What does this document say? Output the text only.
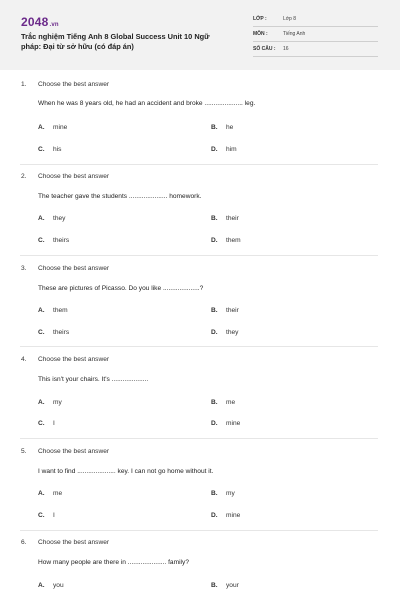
2048.vn
Trắc nghiệm Tiếng Anh 8 Global Success Unit 10 Ngữ pháp: Đại từ sở hữu (có đáp án)
LỚP :	Lớp 8
MÔN :	Tiếng Anh
SỐ CÂU : 16
1. Choose the best answer
When he was 8 years old, he had an accident and broke ..................... leg.
A. mine	B. he
C. his	D. him
2. Choose the best answer
The teacher gave the students ..................... homework.
A. they	B. their
C. theirs	D. them
3. Choose the best answer
These are pictures of Picasso. Do you like ....................?
A. them	B. their
C. theirs	D. they
4. Choose the best answer
This isn't your chairs. It's ....................
A. my	B. me
C. I	D. mine
5. Choose the best answer
I want to find ..................... key. I can not go home without it.
A. me	B. my
C. I	D. mine
6. Choose the best answer
How many people are there in ..................... family?
A. you	B. your
